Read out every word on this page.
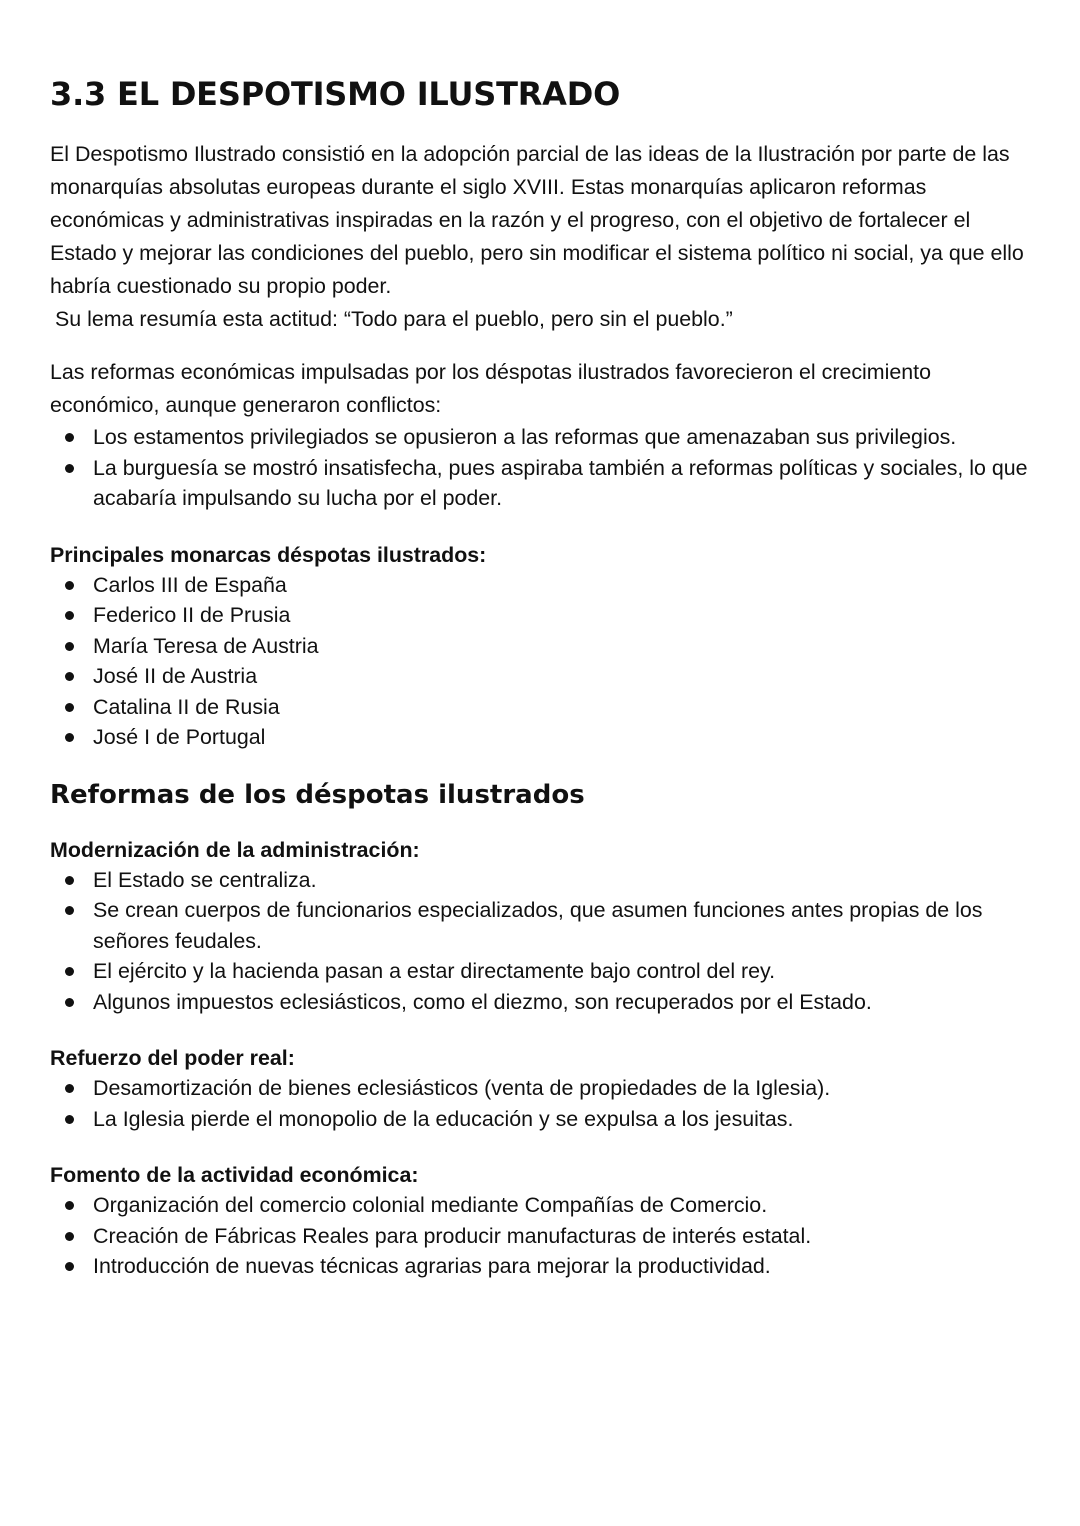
3.3 EL DESPOTISMO ILUSTRADO

El Despotismo Ilustrado consistió en la adopción parcial de las ideas de la Ilustración por parte de las monarquías absolutas europeas durante el siglo XVIII. Estas monarquías aplicaron reformas económicas y administrativas inspiradas en la razón y el progreso, con el objetivo de fortalecer el Estado y mejorar las condiciones del pueblo, pero sin modificar el sistema político ni social, ya que ello habría cuestionado su propio poder.

Su lema resumía esta actitud: “Todo para el pueblo, pero sin el pueblo.”

Las reformas económicas impulsadas por los déspotas ilustrados favorecieron el crecimiento económico, aunque generaron conflictos:

Los estamentos privilegiados se opusieron a las reformas que amenazaban sus privilegios.
La burguesía se mostró insatisfecha, pues aspiraba también a reformas políticas y sociales, lo que acabaría impulsando su lucha por el poder.

Principales monarcas déspotas ilustrados:

Carlos III de España
Federico II de Prusia
María Teresa de Austria
José II de Austria
Catalina II de Rusia
José I de Portugal
Reformas de los déspotas ilustrados

Modernización de la administración:

El Estado se centraliza.
Se crean cuerpos de funcionarios especializados, que asumen funciones antes propias de los señores feudales.
El ejército y la hacienda pasan a estar directamente bajo control del rey.
Algunos impuestos eclesiásticos, como el diezmo, son recuperados por el Estado.

Refuerzo del poder real:

Desamortización de bienes eclesiásticos (venta de propiedades de la Iglesia).
La Iglesia pierde el monopolio de la educación y se expulsa a los jesuitas.

Fomento de la actividad económica:

Organización del comercio colonial mediante Compañías de Comercio.
Creación de Fábricas Reales para producir manufacturas de interés estatal.
Introducción de nuevas técnicas agrarias para mejorar la productividad.
